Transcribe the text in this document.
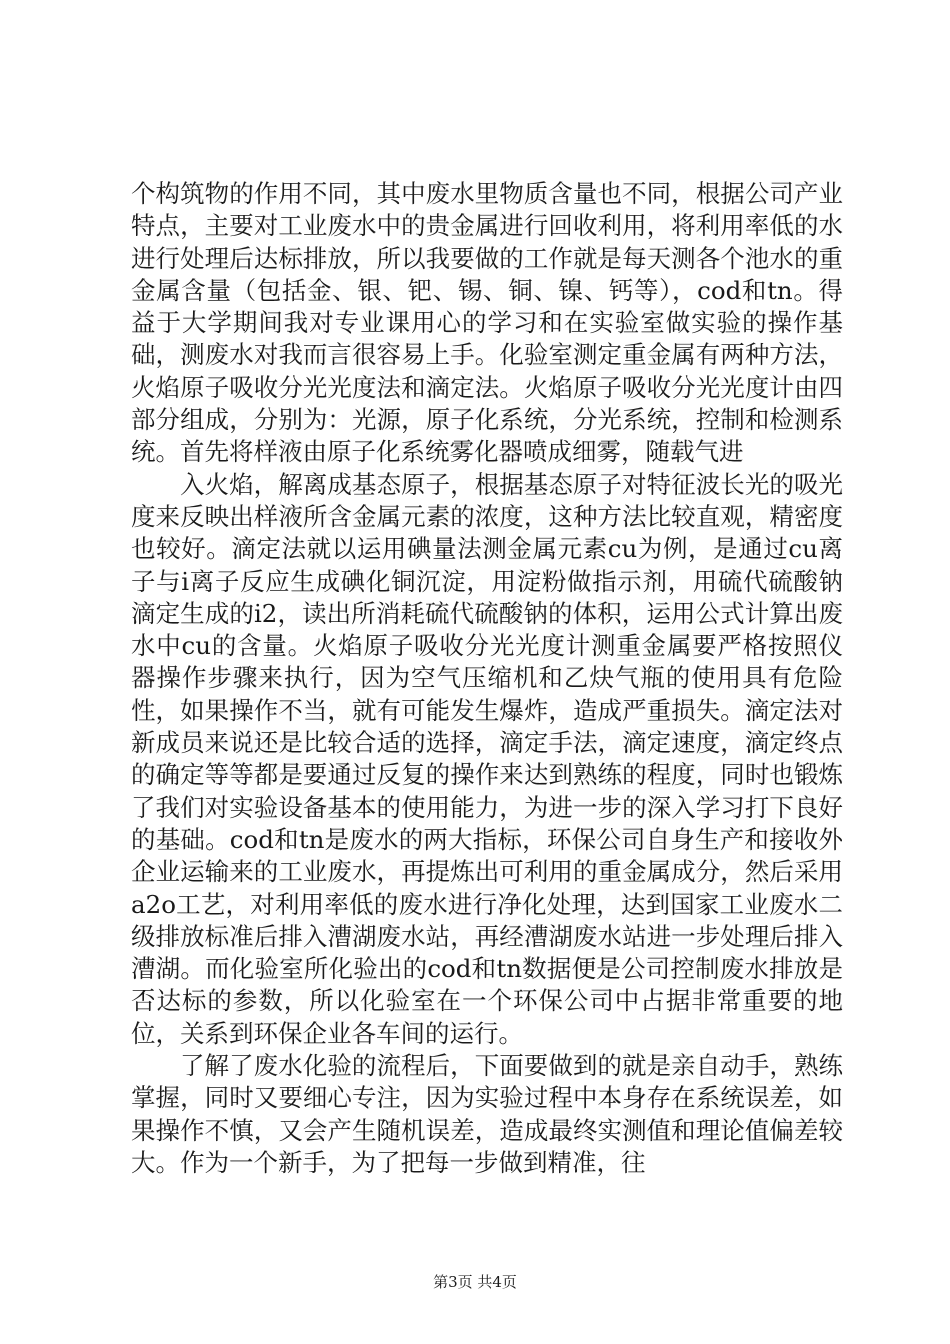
个构筑物的作用不同，其中废水里物质含量也不同，根据公司产业特点，主要对工业废水中的贵金属进行回收利用，将利用率低的水进行处理后达标排放，所以我要做的工作就是每天测各个池水的重金属含量（包括金、银、钯、锡、铜、镍、钙等），cod和tn。得益于大学期间我对专业课用心的学习和在实验室做实验的操作基础，测废水对我而言很容易上手。化验室测定重金属有两种方法，火焰原子吸收分光光度法和滴定法。火焰原子吸收分光光度计由四部分组成，分别为：光源，原子化系统，分光系统，控制和检测系统。首先将样液由原子化系统雾化器喷成细雾，随载气进

入火焰，解离成基态原子，根据基态原子对特征波长光的吸光度来反映出样液所含金属元素的浓度，这种方法比较直观，精密度也较好。滴定法就以运用碘量法测金属元素cu为例，是通过cu离子与i离子反应生成碘化铜沉淀，用淀粉做指示剂，用硫代硫酸钠滴定生成的i2，读出所消耗硫代硫酸钠的体积，运用公式计算出废水中cu的含量。火焰原子吸收分光光度计测重金属要严格按照仪器操作步骤来执行，因为空气压缩机和乙炔气瓶的使用具有危险性，如果操作不当，就有可能发生爆炸，造成严重损失。滴定法对新成员来说还是比较合适的选择，滴定手法，滴定速度，滴定终点的确定等等都是要通过反复的操作来达到熟练的程度，同时也锻炼了我们对实验设备基本的使用能力，为进一步的深入学习打下良好的基础。cod和tn是废水的两大指标，环保公司自身生产和接收外企业运输来的工业废水，再提炼出可利用的重金属成分，然后采用a2o工艺，对利用率低的废水进行净化处理，达到国家工业废水二级排放标准后排入漕湖废水站，再经漕湖废水站进一步处理后排入漕湖。而化验室所化验出的cod和tn数据便是公司控制废水排放是否达标的参数，所以化验室在一个环保公司中占据非常重要的地位，关系到环保企业各车间的运行。

了解了废水化验的流程后，下面要做到的就是亲自动手，熟练掌握，同时又要细心专注，因为实验过程中本身存在系统误差，如果操作不慎，又会产生随机误差，造成最终实测值和理论值偏差较大。作为一个新手，为了把每一步做到精准，往

第3页 共4页
